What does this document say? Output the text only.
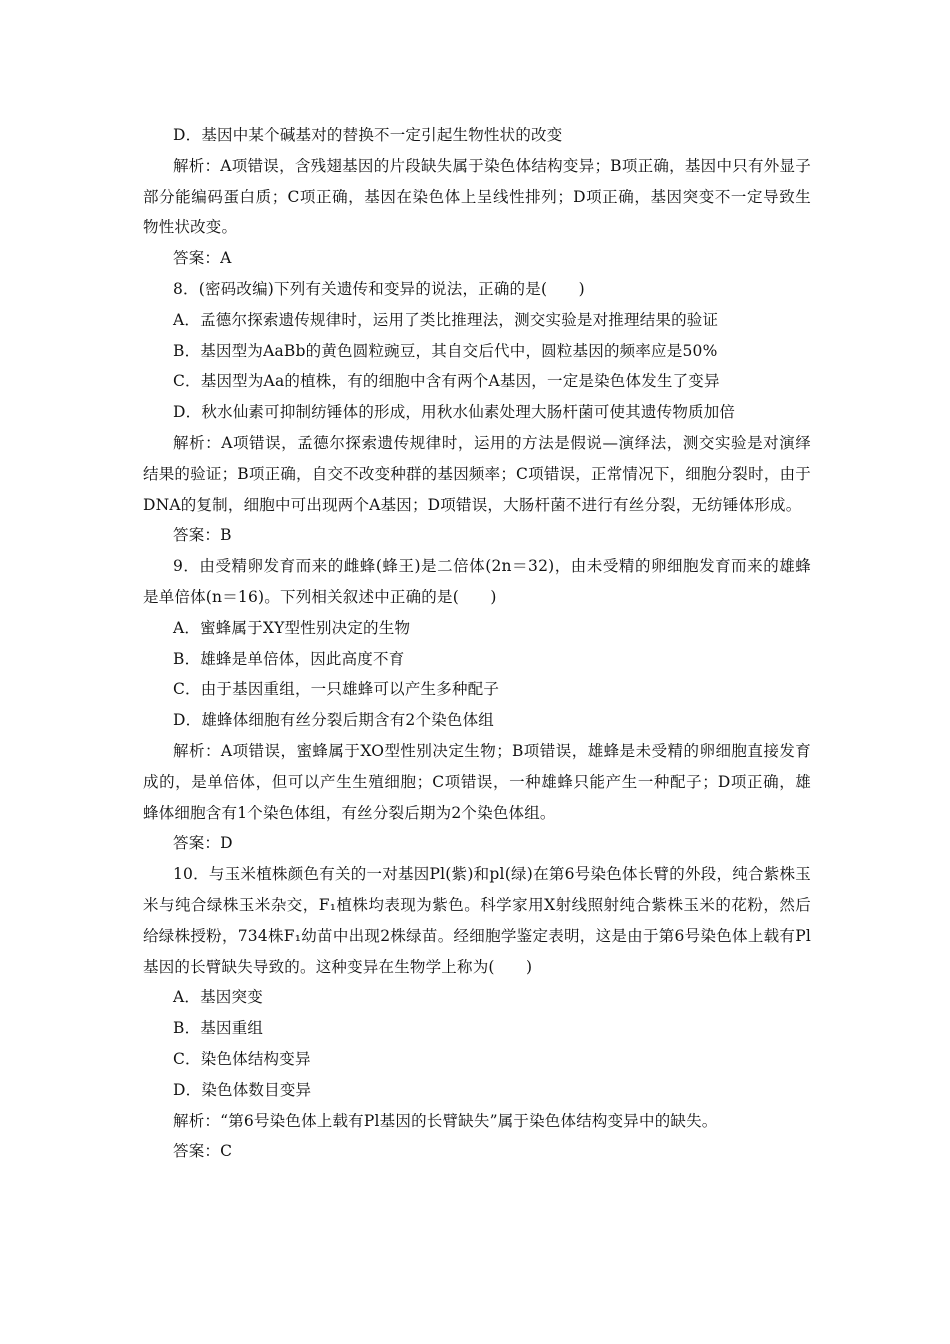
D．基因中某个碱基对的替换不一定引起生物性状的改变

解析：A项错误，含残翅基因的片段缺失属于染色体结构变异；B项正确，基因中只有外显子部分能编码蛋白质；C项正确，基因在染色体上呈线性排列；D项正确，基因突变不一定导致生物性状改变。

答案：A

8．(密码改编)下列有关遗传和变异的说法，正确的是(　　)

A．孟德尔探索遗传规律时，运用了类比推理法，测交实验是对推理结果的验证

B．基因型为AaBb的黄色圆粒豌豆，其自交后代中，圆粒基因的频率应是50%

C．基因型为Aa的植株，有的细胞中含有两个A基因，一定是染色体发生了变异

D．秋水仙素可抑制纺锤体的形成，用秋水仙素处理大肠杆菌可使其遗传物质加倍

解析：A项错误，孟德尔探索遗传规律时，运用的方法是假说—演绎法，测交实验是对演绎结果的验证；B项正确，自交不改变种群的基因频率；C项错误，正常情况下，细胞分裂时，由于DNA的复制，细胞中可出现两个A基因；D项错误，大肠杆菌不进行有丝分裂，无纺锤体形成。

答案：B

9．由受精卵发育而来的雌蜂(蜂王)是二倍体(2n＝32)，由未受精的卵细胞发育而来的雄蜂是单倍体(n＝16)。下列相关叙述中正确的是(　　)

A．蜜蜂属于XY型性别决定的生物

B．雄蜂是单倍体，因此高度不育

C．由于基因重组，一只雄蜂可以产生多种配子

D．雄蜂体细胞有丝分裂后期含有2个染色体组

解析：A项错误，蜜蜂属于XO型性别决定生物；B项错误，雄蜂是未受精的卵细胞直接发育成的，是单倍体，但可以产生生殖细胞；C项错误，一种雄蜂只能产生一种配子；D项正确，雄蜂体细胞含有1个染色体组，有丝分裂后期为2个染色体组。

答案：D

10．与玉米植株颜色有关的一对基因Pl(紫)和pl(绿)在第6号染色体长臂的外段，纯合紫株玉米与纯合绿株玉米杂交，F₁植株均表现为紫色。科学家用X射线照射纯合紫株玉米的花粉，然后给绿株授粉，734株F₁幼苗中出现2株绿苗。经细胞学鉴定表明，这是由于第6号染色体上载有Pl基因的长臂缺失导致的。这种变异在生物学上称为(　　)

A．基因突变

B．基因重组

C．染色体结构变异

D．染色体数目变异

解析：“第6号染色体上载有Pl基因的长臂缺失”属于染色体结构变异中的缺失。

答案：C
